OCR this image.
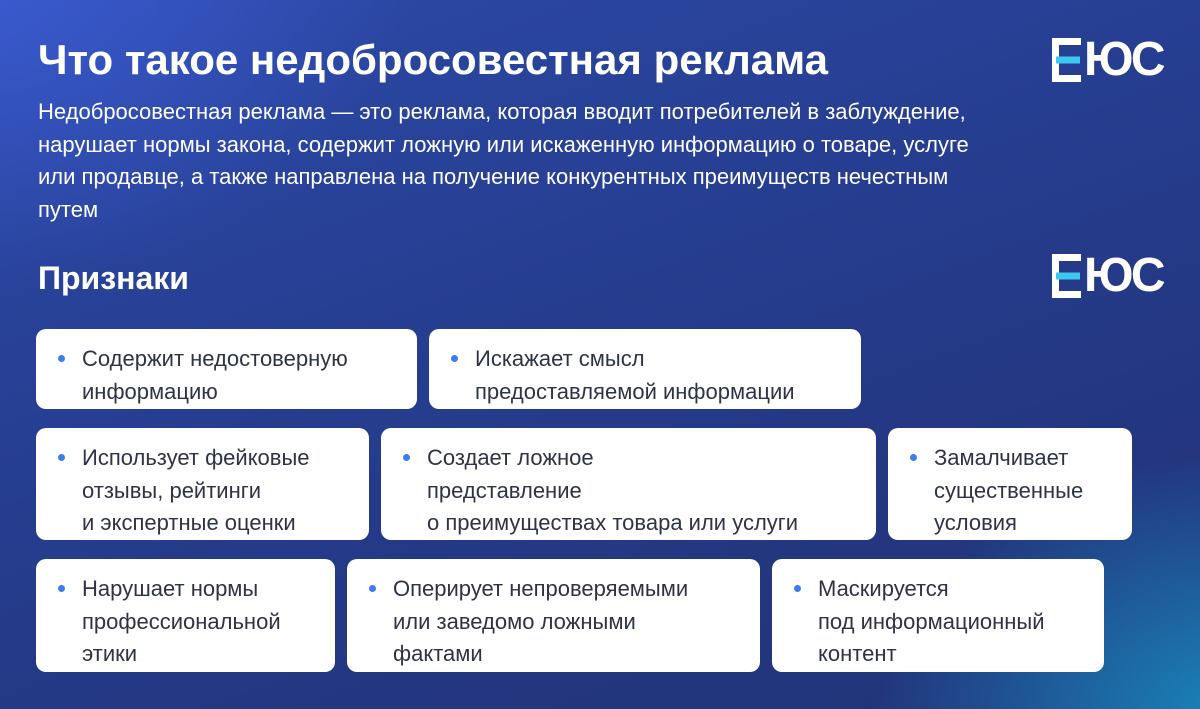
Что такое недобросовестная реклама	ЮС

Недобросовестная реклама — это реклама, которая вводит потребителей в заблуждение, нарушает нормы закона, содержит ложную или искаженную информацию о товаре, услуге или продавце, а также направлена на получение конкурентных преимуществ нечестным путем

Признаки	ЮС
Содержит недостоверную
информацию
Искажает смысл
предоставляемой информации
Использует фейковые
отзывы, рейтинги
и экспертные оценки
Создает ложное
представление
о преимуществах товара или услуги
Замалчивает
существенные
условия
Нарушает нормы
профессиональной
этики
Оперирует непроверяемыми
или заведомо ложными
фактами
Маскируется
под информационный
контент
